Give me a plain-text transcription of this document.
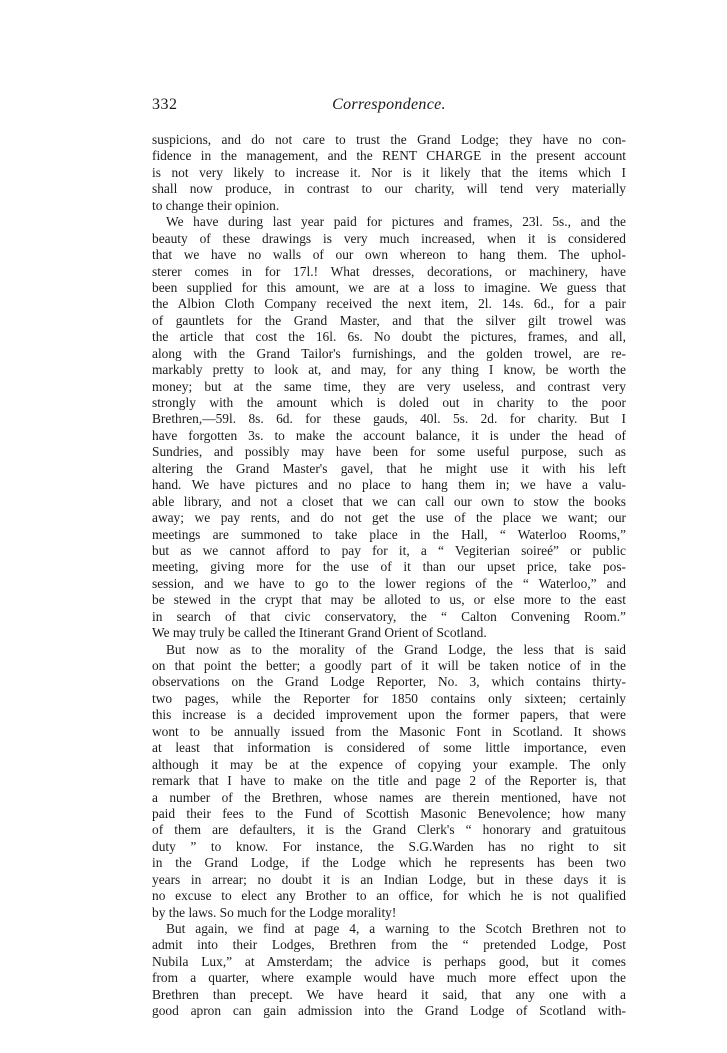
332	Correspondence.
suspicions, and do not care to trust the Grand Lodge; they have no con-
fidence in the management, and the RENT CHARGE in the present account
is not very likely to increase it. Nor is it likely that the items which I
shall now produce, in contrast to our charity, will tend very materially
to change their opinion.
We have during last year paid for pictures and frames, 23l. 5s., and the
beauty of these drawings is very much increased, when it is considered
that we have no walls of our own whereon to hang them. The uphol-
sterer comes in for 17l.! What dresses, decorations, or machinery, have
been supplied for this amount, we are at a loss to imagine. We guess that
the Albion Cloth Company received the next item, 2l. 14s. 6d., for a pair
of gauntlets for the Grand Master, and that the silver gilt trowel was
the article that cost the 16l. 6s. No doubt the pictures, frames, and all,
along with the Grand Tailor's furnishings, and the golden trowel, are re-
markably pretty to look at, and may, for any thing I know, be worth the
money; but at the same time, they are very useless, and contrast very
strongly with the amount which is doled out in charity to the poor
Brethren,—59l. 8s. 6d. for these gauds, 40l. 5s. 2d. for charity. But I
have forgotten 3s. to make the account balance, it is under the head of
Sundries, and possibly may have been for some useful purpose, such as
altering the Grand Master's gavel, that he might use it with his left
hand. We have pictures and no place to hang them in; we have a valu-
able library, and not a closet that we can call our own to stow the books
away; we pay rents, and do not get the use of the place we want; our
meetings are summoned to take place in the Hall, “ Waterloo Rooms,”
but as we cannot afford to pay for it, a “ Vegiterian soireé” or public
meeting, giving more for the use of it than our upset price, take pos-
session, and we have to go to the lower regions of the “ Waterloo,” and
be stewed in the crypt that may be alloted to us, or else more to the east
in search of that civic conservatory, the “ Calton Convening Room.”
We may truly be called the Itinerant Grand Orient of Scotland.
But now as to the morality of the Grand Lodge, the less that is said
on that point the better; a goodly part of it will be taken notice of in the
observations on the Grand Lodge Reporter, No. 3, which contains thirty-
two pages, while the Reporter for 1850 contains only sixteen; certainly
this increase is a decided improvement upon the former papers, that were
wont to be annually issued from the Masonic Font in Scotland. It shows
at least that information is considered of some little importance, even
although it may be at the expence of copying your example. The only
remark that I have to make on the title and page 2 of the Reporter is, that
a number of the Brethren, whose names are therein mentioned, have not
paid their fees to the Fund of Scottish Masonic Benevolence; how many
of them are defaulters, it is the Grand Clerk's “ honorary and gratuitous
duty ” to know. For instance, the S.G.Warden has no right to sit
in the Grand Lodge, if the Lodge which he represents has been two
years in arrear; no doubt it is an Indian Lodge, but in these days it is
no excuse to elect any Brother to an office, for which he is not qualified
by the laws. So much for the Lodge morality!
But again, we find at page 4, a warning to the Scotch Brethren not to
admit into their Lodges, Brethren from the “ pretended Lodge, Post
Nubila Lux,” at Amsterdam; the advice is perhaps good, but it comes
from a quarter, where example would have much more effect upon the
Brethren than precept. We have heard it said, that any one with a
good apron can gain admission into the Grand Lodge of Scotland with-
